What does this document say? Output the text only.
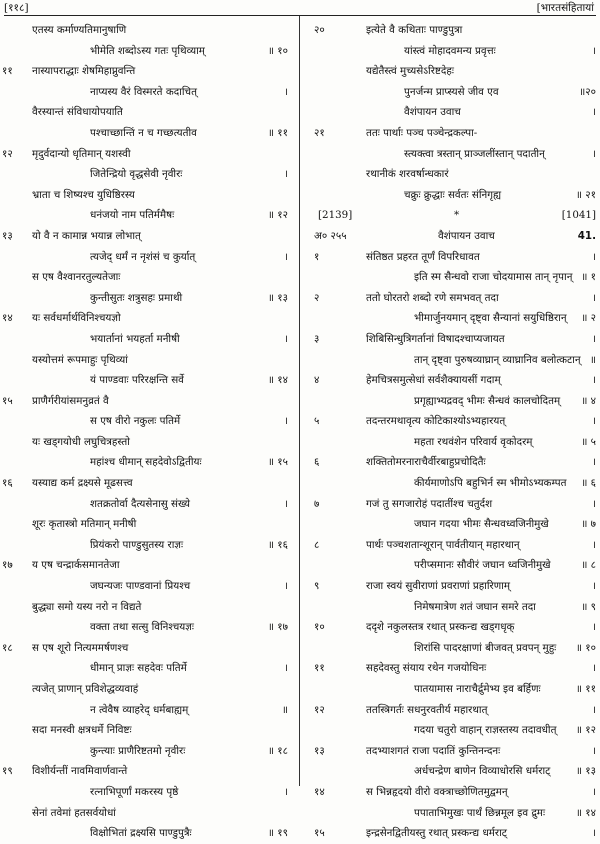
[११८]	[भारतसंहितायां
एतस्य कर्माण्यतिमानुषाणि
भीमेति शब्दोऽस्य गतः पृथिव्याम्	॥ १०
११ नास्यापराद्धाः शेषमिहाप्नुवन्ति
नाप्यस्य वैरं विस्मरते कदाचित्	।
वैरस्यान्तं संविधायोपयाति
पश्चाच्छान्तिं न च गच्छत्यतीव	॥ ११
१२ मृदुर्वदान्यो धृतिमान् यशस्वी
जितेन्द्रियो वृद्धसेवी नृवीरः	।
भ्राता च शिष्यश्च युधिष्ठिरस्य
धनंजयो नाम पतिर्ममैषः	॥ १२
१३ यो वै न कामान्न भयान्न लोभात्
त्यजेद् धर्मं न नृशंसं च कुर्यात्	।
स एष वैश्वानरतुल्यतेजाः
कुन्तीसुतः शत्रुसहः प्रमाथी	॥ १३
१४ यः सर्वधर्मार्थविनिश्चयज्ञो
भयार्तानां भयहर्ता मनीषी	।
यस्योत्तमं रूपमाहुः पृथिव्यां
यं पाण्डवाः परिरक्षन्ति सर्वे	॥ १४
१५ प्राणैर्गरीयांसमनुव्रतं वै
स एष वीरो नकुलः पतिर्मे	।
यः खड्गयोधी लघुचित्रहस्तो
महांश्च धीमान् सहदेवोऽद्वितीयः	॥ १५
१६ यस्याद्य कर्म द्रक्ष्यसे मूढसत्त्व
शतक्रतोर्वा दैत्यसेनासु संख्ये	।
शूरः कृतास्त्रो मतिमान् मनीषी
प्रियंकरो पाण्डुसुतस्य राज्ञः	॥ १६
१७ य एष चन्द्रार्कसमानतेजा
जघन्यजः पाण्डवानां प्रियश्च	।
बुद्ध्या समो यस्य नरो न विद्यते
वक्ता तथा सत्सु विनिश्चयज्ञः	॥ १७
१८ स एष शूरो नित्यममर्षणश्च
धीमान् प्राज्ञः सहदेवः पतिर्मे	।
त्यजेत् प्राणान् प्रविशेद्धव्यवाहं
न त्वेवैष व्याहरेद् धर्मबाह्यम्	॥
सदा मनस्वी क्षत्रधर्मे निविष्टः
कुन्त्याः प्राणैरिष्टतमो नृवीरः	॥ १८
१९ विशीर्यन्तीं नावमिवार्णवान्ते
रत्नाभिपूर्णां मकरस्य पृष्ठे	।
सेनां तवेमां हतसर्वयोधां
विक्षोभितां द्रक्ष्यसि पाण्डुपुत्रैः	॥ १९
२०	इत्येते वै कथिताः पाण्डुपुत्रा
यांस्त्वं मोहादवमन्य प्रवृत्तः	।
यद्येतैस्त्वं मुच्यसेऽरिष्टदेहः
पुनर्जन्म प्राप्स्यसे जीव एव	॥२०
वैशंपायन उवाच	।
२१	ततः पार्थाः पञ्च पञ्चेन्द्रकल्पा-
स्त्यक्त्वा त्रस्तान् प्राञ्जलींस्तान् पदातीन्	।
रथानीकं शरवर्षान्धकारं
चक्रुः क्रुद्धाः सर्वतः संनिगृह्य	॥ २१
[2139]	*	[1041]
अ० २५५	वैशंपायन उवाच	41.
१	संतिष्ठत प्रहरत तूर्णं विपरिधावत	।
इति स्म सैन्धवो राजा चोदयामास तान् नृपान् ॥ १
२	ततो घोरतरो शब्दो रणे समभवत् तदा	।
भीमार्जुनयमान् दृष्ट्वा सैन्यानां सयुधिष्ठिरान् ॥ २
३	शिबिसिन्धुत्रिगर्तानां विषादश्चाप्यजायत	।
तान् दृष्ट्वा पुरुषव्याघ्रान् व्याघ्रानिव बलोत्कटान् ॥
४	हेमचित्रसमुत्सेधां सर्वशैक्यायसीं गदाम्	।
प्रगृह्याभ्यद्रवद् भीमः सैन्धवं कालचोदितम् ॥ ४
५	तदन्तरमथावृत्य कोटिकाश्योऽभ्यहारयत्	।
महता रथवंशेन परिवार्य वृकोदरम्	॥ ५
६	शक्तितोमरनाराचैर्वीरबाहुप्रचोदितैः	।
कीर्यमाणोऽपि बहुभिर्न स्म भीमोऽभ्यकम्पत ॥ ६
७	गजं तु सगजारोहं पदातींश्च चतुर्दश	।
जघान गदया भीमः सैन्धवध्वजिनीमुखे	॥ ७
८	पार्थः पञ्चशतान्शूरान् पार्वतीयान् महारथान्	।
परीप्समानः सौवीरं जघान ध्वजिनीमुखे	॥ ८
९	राजा स्वयं सुवीराणां प्रवराणां प्रहारिणाम्	।
निमेषमात्रेण शतं जघान समरे तदा	॥ ९
१०	ददृशे नकुलस्तत्र रथात् प्रस्कन्द्य खड्गधृक्	।
शिरांसि पादरक्षाणां बीजवत् प्रवपन् मुहुः ॥ १०
११	सहदेवस्तु संयाय रथेन गजयोधिनः	।
पातयामास नाराचैर्द्रुमेभ्य इव बर्हिणः	॥ ११
१२	ततस्त्रिगर्तः सधनुरवतीर्य महारथात्	।
गदया चतुरो वाहान् राज्ञस्तस्य तदावधीत् ॥ १२
१३	तदभ्याशगतं राजा पदातिं कुन्तिनन्दनः	।
अर्धचन्द्रेण बाणेन विव्याधोरसि धर्मराट् ॥ १३
१४	स भिन्नहृदयो वीरो वक्त्राच्छोणितमुद्वमन्	।
पपाताभिमुखः पार्थं छिन्नमूल इव द्रुमः	॥ १४
१५	इन्द्रसेनद्वितीयस्तु रथात् प्रस्कन्द्य धर्मराट्	।
